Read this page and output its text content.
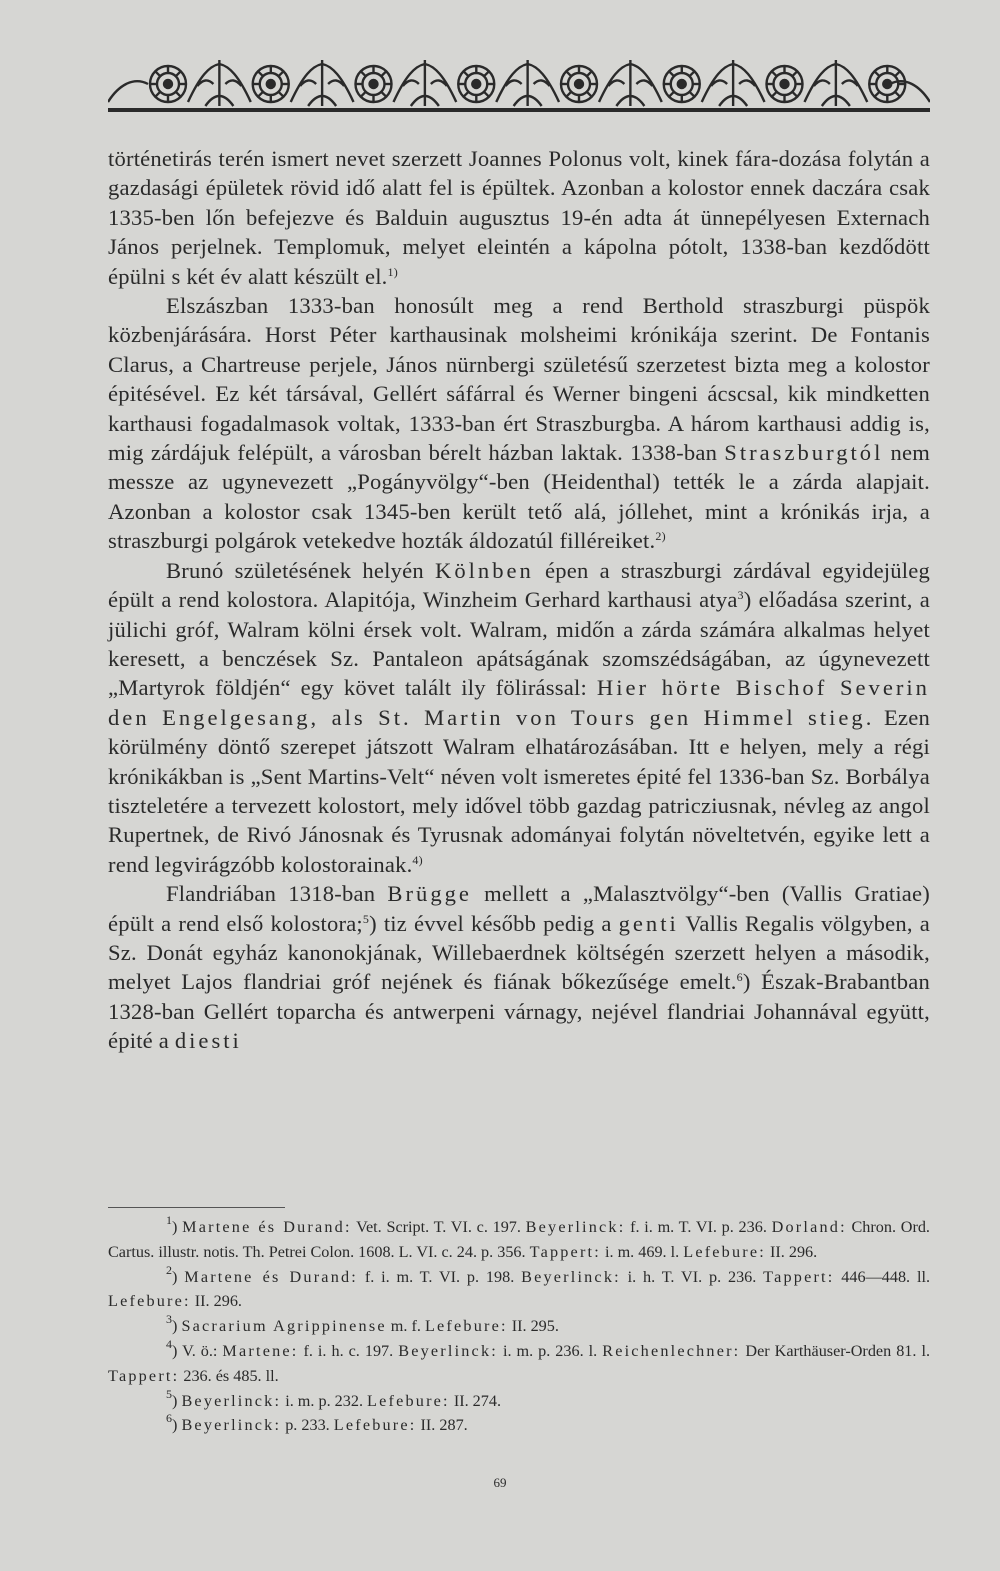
történetirás terén ismert nevet szerzett Joannes Polonus volt, kinek fára-dozása folytán a gazdasági épületek rövid idő alatt fel is épültek. Azonban a kolostor ennek daczára csak 1335-ben lőn befejezve és Balduin augusztus 19-én adta át ünnepélyesen Externach János perjelnek. Templomuk, melyet eleintén a kápolna pótolt, 1338-ban kezdődött épülni s két év alatt készült el.$^{1)}$

Elszászban 1333-ban honosúlt meg a rend Berthold straszburgi püspök közbenjárására. Horst Péter karthausinak molsheimi krónikája szerint. De Fontanis Clarus, a Chartreuse perjele, János nürnbergi születésű szerzetest bizta meg a kolostor épitésével. Ez két társával, Gellért sáfárral és Werner bingeni ácscsal, kik mindketten karthausi fogadalmasok voltak, 1333-ban ért Straszburgba. A három karthausi addig is, mig zárdájuk felépült, a városban bérelt házban laktak. 1338-ban Straszburgtól nem messze az ugynevezett „Pogányvölgy“-ben (Heidenthal) tették le a zárda alapjait. Azonban a kolostor csak 1345-ben került tető alá, jóllehet, mint a krónikás irja, a straszburgi polgárok vetekedve hozták áldozatúl filléreiket.$^{2)}$

Brunó születésének helyén Kölnben épen a straszburgi zárdával egyidejüleg épült a rend kolostora. Alapitója, Winzheim Gerhard karthausi atya$^3$) előadása szerint, a jülichi gróf, Walram kölni érsek volt. Walram, midőn a zárda számára alkalmas helyet keresett, a benczések Sz. Pantaleon apátságának szomszédságában, az úgynevezett „Martyrok földjén“ egy követ talált ily fölirással: Hier hörte Bischof Severin den Engelgesang, als St. Martin von Tours gen Himmel stieg. Ezen körülmény döntő szerepet játszott Walram elhatározásában. Itt e helyen, mely a régi krónikákban is „Sent Martins-Velt“ néven volt ismeretes épité fel 1336-ban Sz. Borbálya tiszteletére a tervezett kolostort, mely idővel több gazdag patricziusnak, névleg az angol Rupertnek, de Rivó Jánosnak és Tyrusnak adományai folytán növeltetvén, egyike lett a rend legvirágzóbb kolostorainak.$^{4)}$

Flandriában 1318-ban Brügge mellett a „Malasztvölgy“-ben (Vallis Gratiae) épült a rend első kolostora;$^5$) tiz évvel később pedig a genti Vallis Regalis völgyben, a Sz. Donát egyház kanonokjának, Willebaerdnek költségén szerzett helyen a második, melyet Lajos flandriai gróf nejének és fiának bőkezűsége emelt.$^6$) Észak-Brabantban 1328-ban Gellért toparcha és antwerpeni várnagy, nejével flandriai Johannával együtt, épité a diesti

$^1$) Martene és Durand: Vet. Script. T. VI. c. 197. Beyerlinck: f. i. m. T. VI. p. 236. Dorland: Chron. Ord. Cartus. illustr. notis. Th. Petrei Colon. 1608. L. VI. c. 24. p. 356. Tappert: i. m. 469. l. Lefebure: II. 296.

$^2$) Martene és Durand: f. i. m. T. VI. p. 198. Beyerlinck: i. h. T. VI. p. 236. Tappert: 446—448. ll. Lefebure: II. 296.

$^3$) Sacrarium Agrippinense m. f. Lefebure: II. 295.

$^4$) V. ö.: Martene: f. i. h. c. 197. Beyerlinck: i. m. p. 236. l. Reichenlechner: Der Karthäuser-Orden 81. l. Tappert: 236. és 485. ll.

$^5$) Beyerlinck: i. m. p. 232. Lefebure: II. 274.

$^6$) Beyerlinck: p. 233. Lefebure: II. 287.

69
